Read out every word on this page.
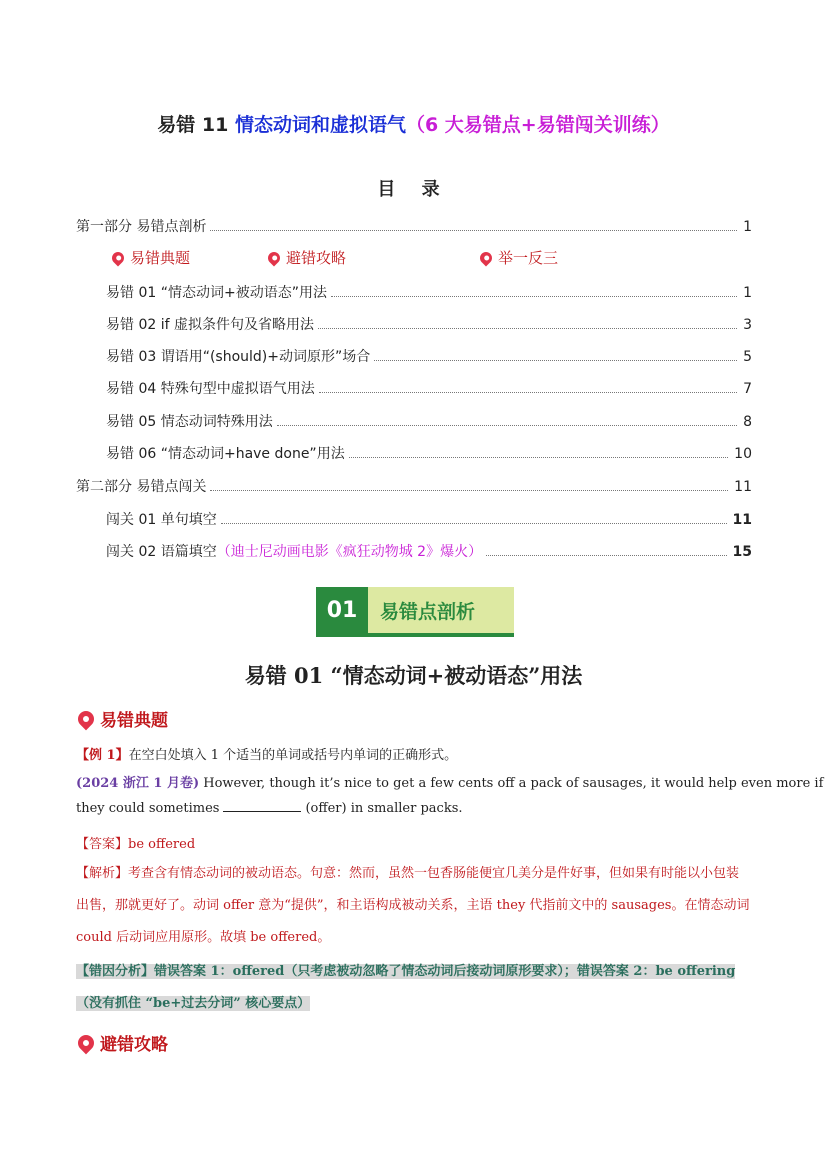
易错 11 情态动词和虚拟语气（6 大易错点+易错闯关训练）
目 录
第一部分 易错点剖析	1
易错典题	避错攻略	举一反三
易错 01 “情态动词+被动语态”用法	1
易错 02 if 虚拟条件句及省略用法	3
易错 03 谓语用“(should)+动词原形”场合	5
易错 04 特殊句型中虚拟语气用法	7
易错 05 情态动词特殊用法	8
易错 06 “情态动词+have done”用法	10
第二部分 易错点闯关	11
闯关 01 单句填空	11
闯关 02 语篇填空 （迪士尼动画电影《疯狂动物城 2》爆火）	15
01	易错点剖析
易错 01 “情态动词+被动语态”用法
易错典题
【例 1】在空白处填入 1 个适当的单词或括号内单词的正确形式。
(2024 浙江 1 月卷) However, though it’s nice to get a few cents off a pack of sausages, it would help even more if
they could sometimes	(offer) in smaller packs.
【答案】be offered
【解析】考查含有情态动词的被动语态。句意：然而，虽然一包香肠能便宜几美分是件好事，但如果有时能以小包装出售，那就更好了。动词 offer 意为“提供”，和主语构成被动关系，主语 they 代指前文中的 sausages。在情态动词 could 后动词应用原形。故填 be offered。
【错因分析】错误答案 1：offered（只考虑被动忽略了情态动词后接动词原形要求）；错误答案 2：be offering（没有抓住 “be+过去分词” 核心要点）
避错攻略
